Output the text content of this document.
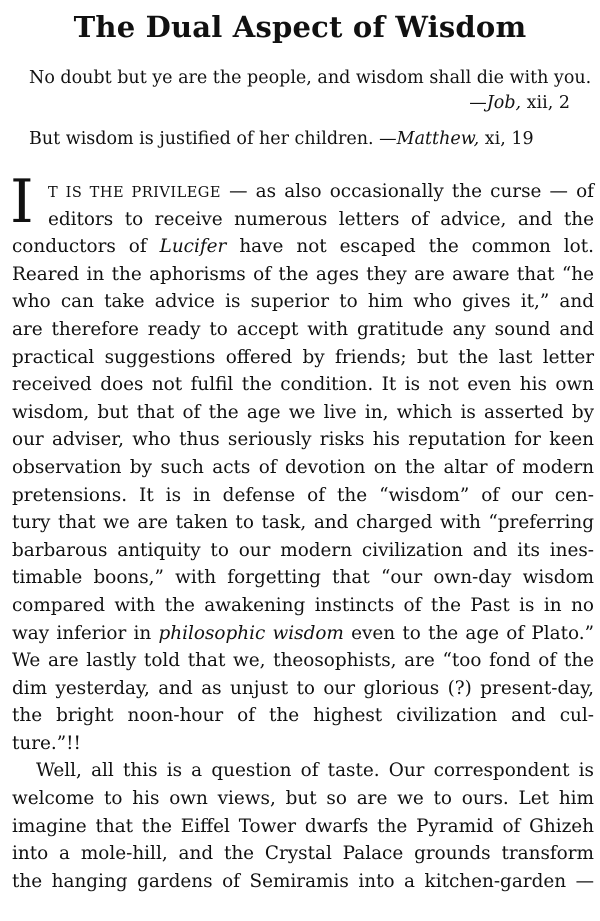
The Dual Aspect of Wisdom
No doubt but ye are the people, and wisdom shall die with you.
—Job, xii, 2
But wisdom is justified of her children. —Matthew, xi, 19
I T IS THE PRIVILEGE — as also occasionally the curse — of
editors to receive numerous letters of advice, and the
conductors of Lucifer have not escaped the common lot.
Reared in the aphorisms of the ages they are aware that “he
who can take advice is superior to him who gives it,” and
are therefore ready to accept with gratitude any sound and
practical suggestions offered by friends; but the last letter
received does not fulfil the condition. It is not even his own
wisdom, but that of the age we live in, which is asserted by
our adviser, who thus seriously risks his reputation for keen
observation by such acts of devotion on the altar of modern
pretensions. It is in defense of the “wisdom” of our cen-
tury that we are taken to task, and charged with “preferring
barbarous antiquity to our modern civilization and its ines-
timable boons,” with forgetting that “our own-day wisdom
compared with the awakening instincts of the Past is in no
way inferior in philosophic wisdom even to the age of Plato.”
We are lastly told that we, theosophists, are “too fond of the
dim yesterday, and as unjust to our glorious (?) present-day,
the bright noon-hour of the highest civilization and cul-
ture.”!!
Well, all this is a question of taste. Our correspondent is
welcome to his own views, but so are we to ours. Let him
imagine that the Eiffel Tower dwarfs the Pyramid of Ghizeh
into a mole-hill, and the Crystal Palace grounds transform
the hanging gardens of Semiramis into a kitchen-garden —
